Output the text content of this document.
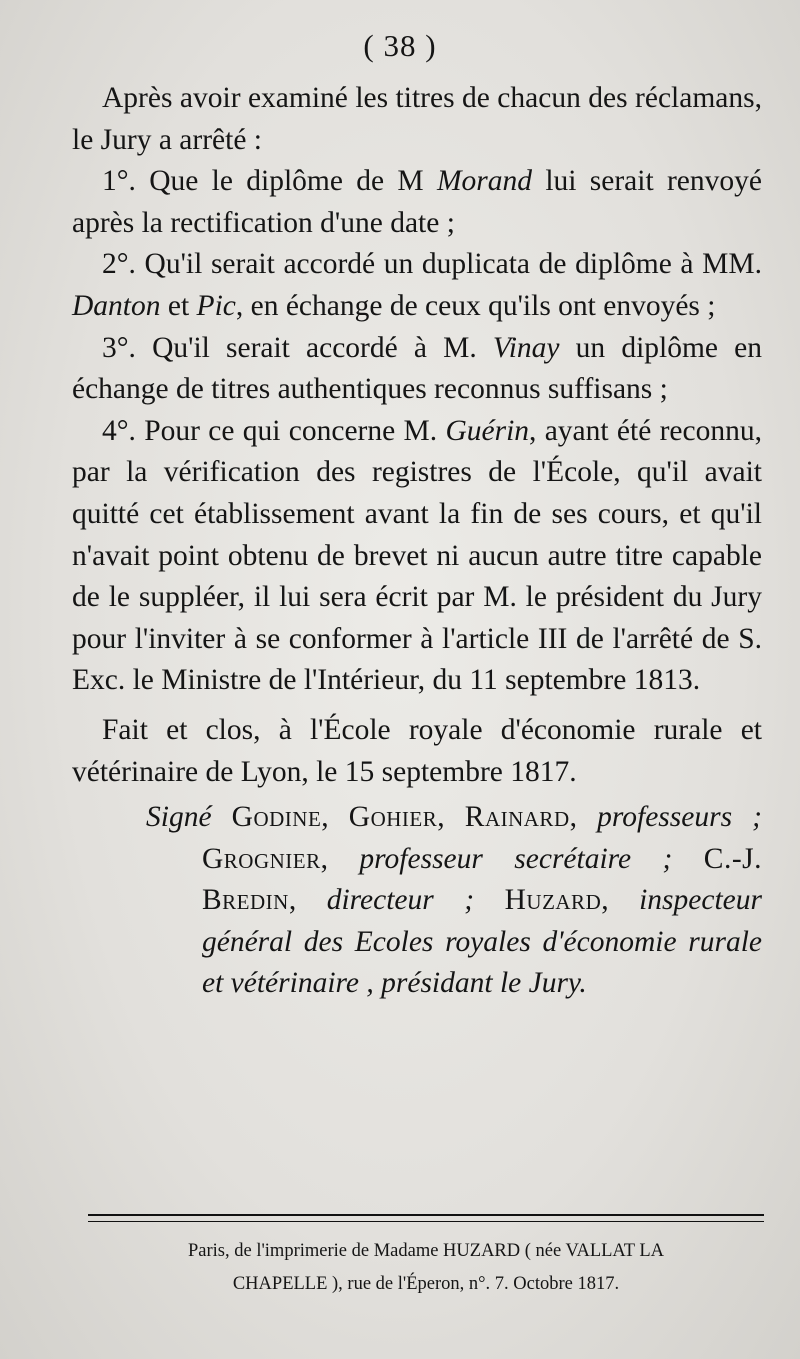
( 38 )

Après avoir examiné les titres de chacun des réclamans, le Jury a arrêté :

1°. Que le diplôme de M Morand lui serait renvoyé après la rectification d'une date ;

2°. Qu'il serait accordé un duplicata de diplôme à MM. Danton et Pic, en échange de ceux qu'ils ont envoyés ;

3°. Qu'il serait accordé à M. Vinay un diplôme en échange de titres authentiques reconnus suffisans ;

4°. Pour ce qui concerne M. Guérin, ayant été reconnu, par la vérification des registres de l'École, qu'il avait quitté cet établissement avant la fin de ses cours, et qu'il n'avait point obtenu de brevet ni aucun autre titre capable de le suppléer, il lui sera écrit par M. le président du Jury pour l'inviter à se conformer à l'article III de l'arrêté de S. Exc. le Ministre de l'Intérieur, du 11 septembre 1813.

Fait et clos, à l'École royale d'économie rurale et vétérinaire de Lyon, le 15 septembre 1817.

Signé Godine, Gohier, Rainard, professeurs ; Grognier, professeur secrétaire ; C.-J. Bredin, directeur ; Huzard, inspecteur général des Ecoles royales d'économie rurale et vétérinaire , présidant le Jury.

Paris, de l'imprimerie de Madame HUZARD ( née VALLAT LA
CHAPELLE ), rue de l'Éperon, n°. 7. Octobre 1817.
